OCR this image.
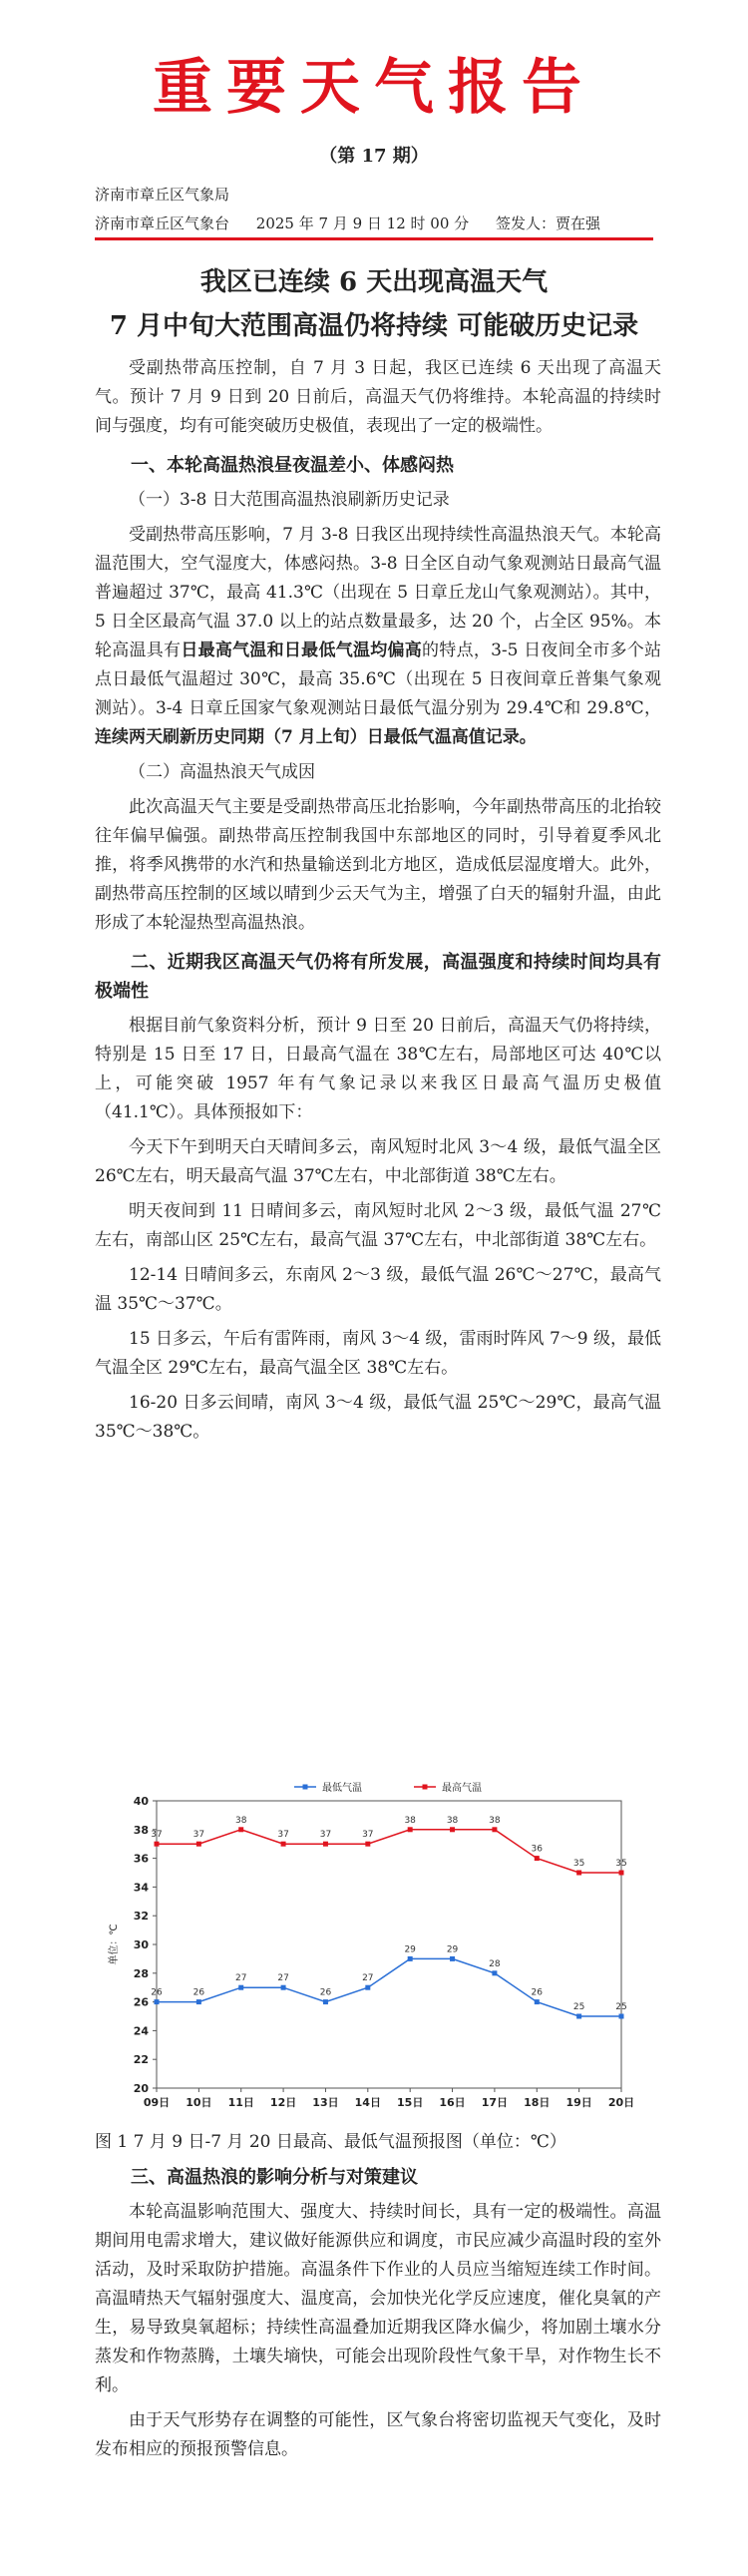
重要天气报告
（第 17 期）
济南市章丘区气象局
济南市章丘区气象台 2025 年 7 月 9 日 12 时 00 分 签发人：贾在强
我区已连续 6 天出现高温天气
7 月中旬大范围高温仍将持续 可能破历史记录

受副热带高压控制，自 7 月 3 日起，我区已连续 6 天出现了高温天气。预计 7 月 9 日到 20 日前后，高温天气仍将维持。本轮高温的持续时间与强度，均有可能突破历史极值，表现出了一定的极端性。

一、本轮高温热浪昼夜温差小、体感闷热
（一）3-8 日大范围高温热浪刷新历史记录

受副热带高压影响，7 月 3-8 日我区出现持续性高温热浪天气。本轮高温范围大，空气湿度大，体感闷热。3-8 日全区自动气象观测站日最高气温普遍超过 37℃，最高 41.3℃（出现在 5 日章丘龙山气象观测站）。其中，5 日全区最高气温 37.0 以上的站点数量最多，达 20 个，占全区 95%。本轮高温具有日最高气温和日最低气温均偏高的特点，3-5 日夜间全市多个站点日最低气温超过 30℃，最高 35.6℃（出现在 5 日夜间章丘普集气象观测站）。3-4 日章丘国家气象观测站日最低气温分别为 29.4℃和 29.8℃，连续两天刷新历史同期（7 月上旬）日最低气温高值记录。

（二）高温热浪天气成因

此次高温天气主要是受副热带高压北抬影响，今年副热带高压的北抬较往年偏早偏强。副热带高压控制我国中东部地区的同时，引导着夏季风北推，将季风携带的水汽和热量输送到北方地区，造成低层湿度增大。此外，副热带高压控制的区域以晴到少云天气为主，增强了白天的辐射升温，由此形成了本轮湿热型高温热浪。

二、近期我区高温天气仍将有所发展，高温强度和持续时间均具有极端性

根据目前气象资料分析，预计 9 日至 20 日前后，高温天气仍将持续，特别是 15 日至 17 日，日最高气温在 38℃左右，局部地区可达 40℃以上，可能突破 1957 年有气象记录以来我区日最高气温历史极值（41.1℃）。具体预报如下：

今天下午到明天白天晴间多云，南风短时北风 3～4 级，最低气温全区 26℃左右，明天最高气温 37℃左右，中北部街道 38℃左右。

明天夜间到 11 日晴间多云，南风短时北风 2～3 级，最低气温 27℃左右，南部山区 25℃左右，最高气温 37℃左右，中北部街道 38℃左右。

12-14 日晴间多云，东南风 2～3 级，最低气温 26℃～27℃，最高气温 35℃～37℃。

15 日多云，午后有雷阵雨，南风 3～4 级，雷雨时阵风 7～9 级，最低气温全区 29℃左右，最高气温全区 38℃左右。

16-20 日多云间晴，南风 3～4 级，最低气温 25℃～29℃，最高气温 35℃～38℃。

20
22
24
26
28
30
32
34
36
38
40
09日 10日 11日 12日 13日 14日 15日 16日 17日 18日 19日 20日
单位：℃
26	26
27	27
26
27
29	29
28
26
25	25
37	37
38
37	37	37
38	38	38
36
35	35
最低气温	最高气温
图 1 7 月 9 日-7 月 20 日最高、最低气温预报图（单位：℃）
三、高温热浪的影响分析与对策建议

本轮高温影响范围大、强度大、持续时间长，具有一定的极端性。高温期间用电需求增大，建议做好能源供应和调度，市民应减少高温时段的室外活动，及时采取防护措施。高温条件下作业的人员应当缩短连续工作时间。高温晴热天气辐射强度大、温度高，会加快光化学反应速度，催化臭氧的产生，易导致臭氧超标；持续性高温叠加近期我区降水偏少，将加剧土壤水分蒸发和作物蒸腾，土壤失墒快，可能会出现阶段性气象干旱，对作物生长不利。

由于天气形势存在调整的可能性，区气象台将密切监视天气变化，及时发布相应的预报预警信息。
